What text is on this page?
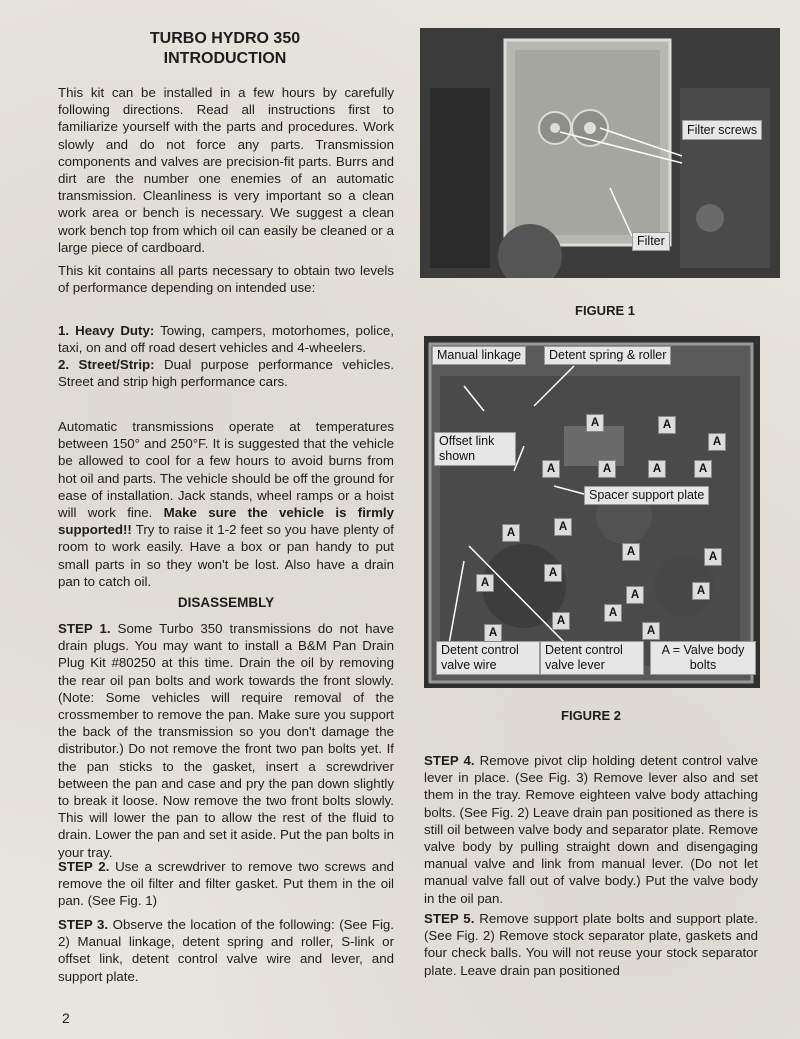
TURBO HYDRO 350
INTRODUCTION

This kit can be installed in a few hours by carefully following directions. Read all instructions first to familiarize yourself with the parts and procedures. Work slowly and do not force any parts. Transmission components and valves are precision-fit parts. Burrs and dirt are the number one enemies of an automatic transmission. Cleanliness is very important so a clean work area or bench is necessary. We suggest a clean work bench top from which oil can easily be cleaned or a large piece of cardboard.

This kit contains all parts necessary to obtain two levels of performance depending on intended use:

1. Heavy Duty: Towing, campers, motorhomes, police, taxi, on and off road desert vehicles and 4-wheelers.

2. Street/Strip: Dual purpose performance vehicles. Street and strip high performance cars.

Automatic transmissions operate at temperatures between 150° and 250°F. It is suggested that the vehicle be allowed to cool for a few hours to avoid burns from hot oil and parts. The vehicle should be off the ground for ease of installation. Jack stands, wheel ramps or a hoist will work fine. Make sure the vehicle is firmly supported!! Try to raise it 1-2 feet so you have plenty of room to work easily. Have a box or pan handy to put small parts in so they won't be lost. Also have a drain pan to catch oil.

DISASSEMBLY

STEP 1. Some Turbo 350 transmissions do not have drain plugs. You may want to install a B&M Pan Drain Plug Kit #80250 at this time. Drain the oil by removing the rear oil pan bolts and work towards the front slowly. (Note: Some vehicles will require removal of the crossmember to remove the pan. Make sure you support the back of the transmission so you don't damage the distributor.) Do not remove the front two pan bolts yet. If the pan sticks to the gasket, insert a screwdriver between the pan and case and pry the pan down slightly to break it loose. Now remove the two front bolts slowly. This will lower the pan to allow the rest of the fluid to drain. Lower the pan and set it aside. Put the pan bolts in your tray.

STEP 2. Use a screwdriver to remove two screws and remove the oil filter and filter gasket. Put them in the oil pan. (See Fig. 1)

STEP 3. Observe the location of the following: (See Fig. 2) Manual linkage, detent spring and roller, S-link or offset link, detent control valve wire and lever, and support plate.

Filter screws
Filter
FIGURE 1
Manual linkage	Detent spring & roller
Offset link shown
Spacer support plate
Detent control valve wire
Detent control valve lever
A = Valve body bolts
A	A
A
A	A	A	A
A	A
A	A
A
A
A	A
A
A
A
A
FIGURE 2

STEP 4. Remove pivot clip holding detent control valve lever in place. (See Fig. 3) Remove lever also and set them in the tray. Remove eighteen valve body attaching bolts. (See Fig. 2) Leave drain pan positioned as there is still oil between valve body and separator plate. Remove valve body by pulling straight down and disengaging manual valve and link from manual lever. (Do not let manual valve fall out of valve body.) Put the valve body in the oil pan.

STEP 5. Remove support plate bolts and support plate. (See Fig. 2) Remove stock separator plate, gaskets and four check balls. You will not reuse your stock separator plate. Leave drain pan positioned

2
